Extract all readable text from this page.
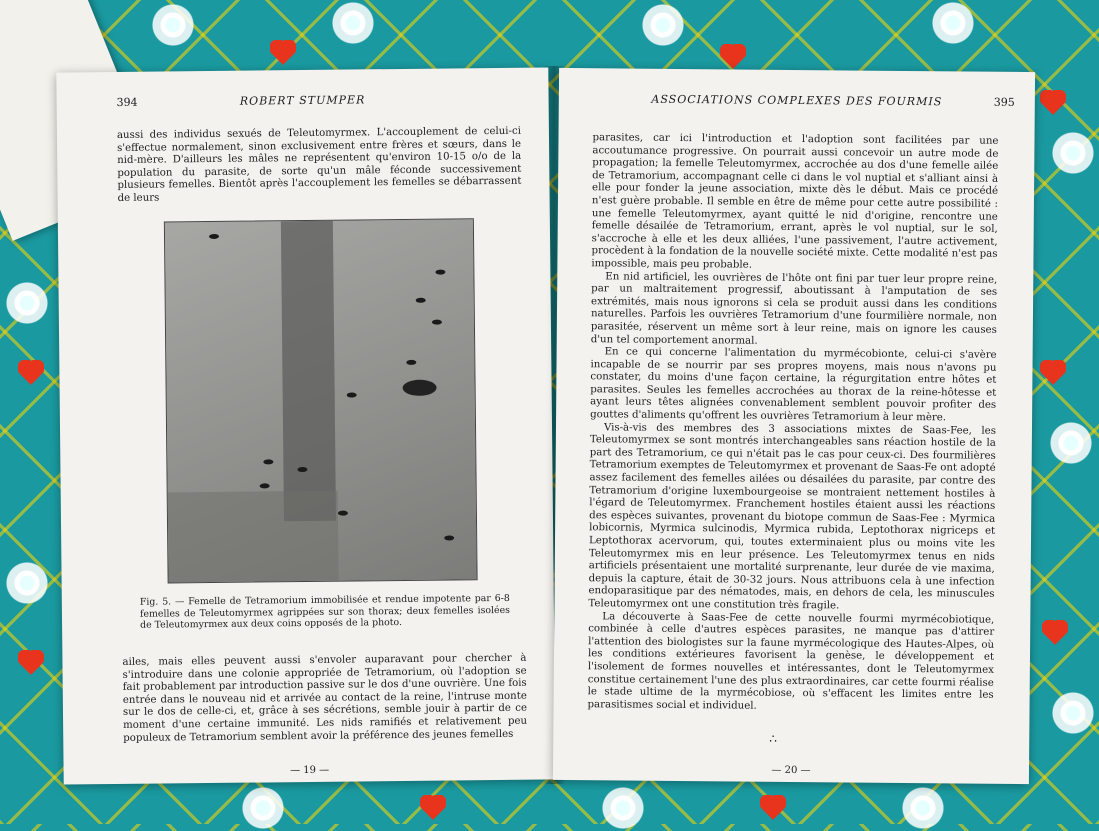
394	ROBERT STUMPER

aussi des individus sexués de Teleutomyrmex. L'accouplement de celui-ci s'effectue normalement, sinon exclusivement entre frères et sœurs, dans le nid-mère. D'ailleurs les mâles ne représentent qu'environ 10-15 o/o de la population du parasite, de sorte qu'un mâle féconde successivement plusieurs femelles. Bientôt après l'accouplement les femelles se débarrassent de leurs

Fig. 5. — Femelle de Tetramorium immobilisée et rendue impotente par 6-8 femelles de Teleutomyrmex agrippées sur son thorax; deux femelles isolées de Teleutomyrmex aux deux coins opposés de la photo.

ailes, mais elles peuvent aussi s'envoler auparavant pour chercher à s'introduire dans une colonie appropriée de Tetramorium, où l'adoption se fait probablement par introduction passive sur le dos d'une ouvrière. Une fois entrée dans le nouveau nid et arrivée au contact de la reine, l'intruse monte sur le dos de celle-ci, et, grâce à ses sécrétions, semble jouir à partir de ce moment d'une certaine immunité. Les nids ramifiés et relativement peu populeux de Tetramorium semblent avoir la préférence des jeunes femelles

— 19 —
ASSOCIATIONS COMPLEXES DES FOURMIS	395

parasites, car ici l'introduction et l'adoption sont facilitées par une accoutumance progressive. On pourrait aussi concevoir un autre mode de propagation; la femelle Teleutomyrmex, accrochée au dos d'une femelle ailée de Tetramorium, accompagnant celle ci dans le vol nuptial et s'alliant ainsi à elle pour fonder la jeune association, mixte dès le début. Mais ce procédé n'est guère probable. Il semble en être de même pour cette autre possibilité : une femelle Teleutomyrmex, ayant quitté le nid d'origine, rencontre une femelle désailée de Tetramorium, errant, après le vol nuptial, sur le sol, s'accroche à elle et les deux alliées, l'une passivement, l'autre activement, procèdent à la fondation de la nouvelle société mixte. Cette modalité n'est pas impossible, mais peu probable.

En nid artificiel, les ouvrières de l'hôte ont fini par tuer leur propre reine, par un maltraitement progressif, aboutissant à l'amputation de ses extrémités, mais nous ignorons si cela se produit aussi dans les conditions naturelles. Parfois les ouvrières Tetramorium d'une fourmilière normale, non parasitée, réservent un même sort à leur reine, mais on ignore les causes d'un tel comportement anormal.

En ce qui concerne l'alimentation du myrmécobionte, celui-ci s'avère incapable de se nourrir par ses propres moyens, mais nous n'avons pu constater, du moins d'une façon certaine, la régurgitation entre hôtes et parasites. Seules les femelles accrochées au thorax de la reine-hôtesse et ayant leurs têtes alignées convenablement semblent pouvoir profiter des gouttes d'aliments qu'offrent les ouvrières Tetramorium à leur mère.

Vis-à-vis des membres des 3 associations mixtes de Saas-Fee, les Teleutomyrmex se sont montrés interchangeables sans réaction hostile de la part des Tetramorium, ce qui n'était pas le cas pour ceux-ci. Des fourmilières Tetramorium exemptes de Teleutomyrmex et provenant de Saas-Fe ont adopté assez facilement des femelles ailées ou désailées du parasite, par contre des Tetramorium d'origine luxembourgeoise se montraient nettement hostiles à l'égard de Teleutomyrmex. Franchement hostiles étaient aussi les réactions des espèces suivantes, provenant du biotope commun de Saas-Fee : Myrmica lobicornis, Myrmica sulcinodis, Myrmica rubida, Leptothorax nigriceps et Leptothorax acervorum, qui, toutes exterminaient plus ou moins vite les Teleutomyrmex mis en leur présence. Les Teleutomyrmex tenus en nids artificiels présentaient une mortalité surprenante, leur durée de vie maxima, depuis la capture, était de 30-32 jours. Nous attribuons cela à une infection endoparasitique par des nématodes, mais, en dehors de cela, les minuscules Teleutomyrmex ont une constitution très fragile.

La découverte à Saas-Fee de cette nouvelle fourmi myrmécobiotique, combinée à celle d'autres espèces parasites, ne manque pas d'attirer l'attention des biologistes sur la faune myrmécologique des Hautes-Alpes, où les conditions extérieures favorisent la genèse, le développement et l'isolement de formes nouvelles et intéressantes, dont le Teleutomyrmex constitue certainement l'une des plus extraordinaires, car cette fourmi réalise le stade ultime de la myrmécobiose, où s'effacent les limites entre les parasitismes social et individuel.

∴
— 20 —
